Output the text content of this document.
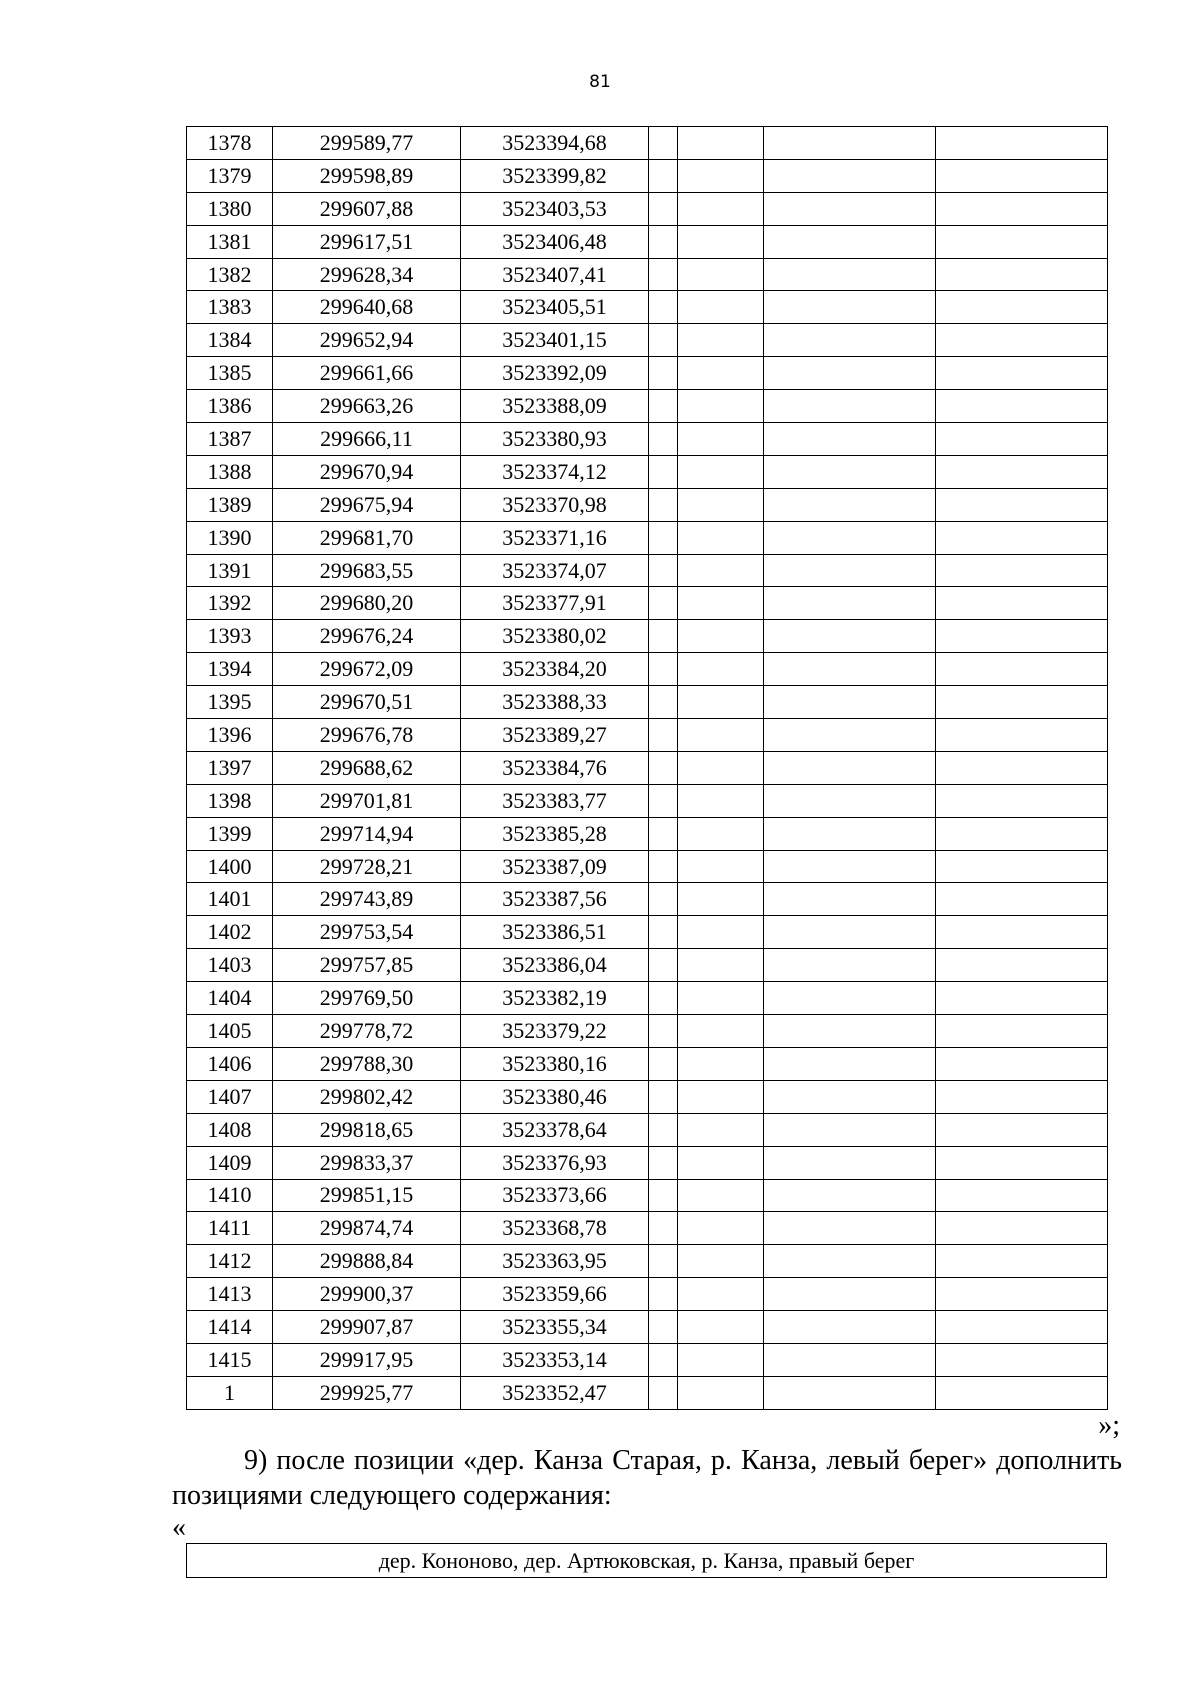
81
1378	299589,77	3523394,68				
1379	299598,89	3523399,82				
1380	299607,88	3523403,53				
1381	299617,51	3523406,48				
1382	299628,34	3523407,41				
1383	299640,68	3523405,51				
1384	299652,94	3523401,15				
1385	299661,66	3523392,09				
1386	299663,26	3523388,09				
1387	299666,11	3523380,93				
1388	299670,94	3523374,12				
1389	299675,94	3523370,98				
1390	299681,70	3523371,16				
1391	299683,55	3523374,07				
1392	299680,20	3523377,91				
1393	299676,24	3523380,02				
1394	299672,09	3523384,20				
1395	299670,51	3523388,33				
1396	299676,78	3523389,27				
1397	299688,62	3523384,76				
1398	299701,81	3523383,77				
1399	299714,94	3523385,28				
1400	299728,21	3523387,09				
1401	299743,89	3523387,56				
1402	299753,54	3523386,51				
1403	299757,85	3523386,04				
1404	299769,50	3523382,19				
1405	299778,72	3523379,22				
1406	299788,30	3523380,16				
1407	299802,42	3523380,46				
1408	299818,65	3523378,64				
1409	299833,37	3523376,93				
1410	299851,15	3523373,66				
1411	299874,74	3523368,78				
1412	299888,84	3523363,95				
1413	299900,37	3523359,66				
1414	299907,87	3523355,34				
1415	299917,95	3523353,14				
1	299925,77	3523352,47				
»;
9) после позиции «дер. Канза Старая, р. Канза, левый берег» дополнить позициями следующего содержания:
«
дер. Кононово, дер. Артюковская, р. Канза, правый берег
